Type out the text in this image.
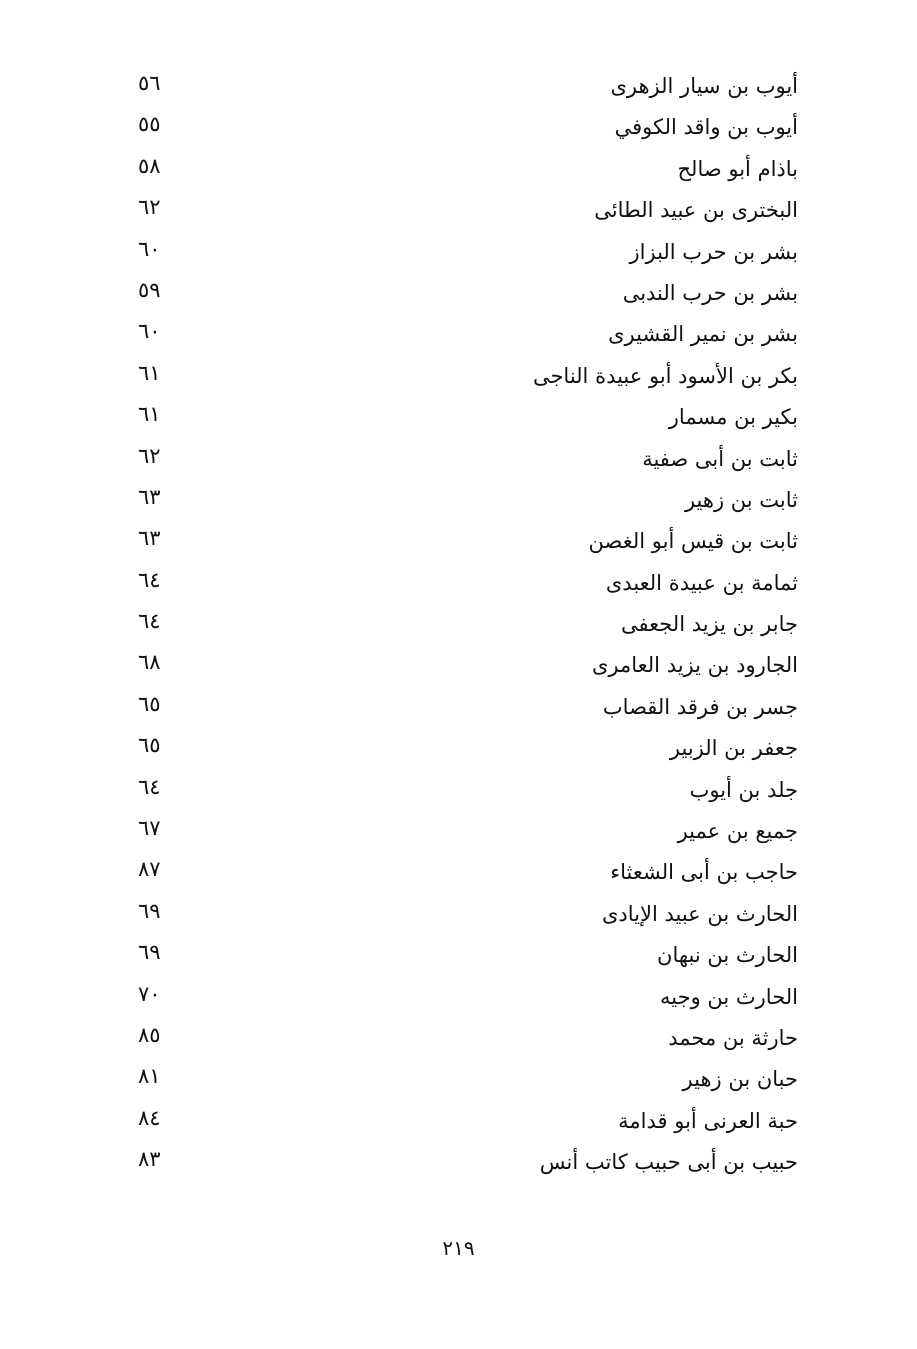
أيوب بن سيار الزهرى
٥٦
أيوب بن واقد الكوفي
٥٥
باذام أبو صالح
٥٨
البخترى بن عبيد الطائى
٦٢
بشر بن حرب البزاز
٦٠
بشر بن حرب الندبى
٥٩
بشر بن نمير القشيرى
٦٠
بكر بن الأسود أبو عبيدة الناجى
٦١
بكير بن مسمار
٦١
ثابت بن أبى صفية
٦٢
ثابت بن زهير
٦٣
ثابت بن قيس أبو الغصن
٦٣
ثمامة بن عبيدة العبدى
٦٤
جابر بن يزيد الجعفى
٦٤
الجارود بن يزيد العامرى
٦٨
جسر بن فرقد القصاب
٦٥
جعفر بن الزبير
٦٥
جلد بن أيوب
٦٤
جميع بن عمير
٦٧
حاجب بن أبى الشعثاء
٨٧
الحارث بن عبيد الإيادى
٦٩
الحارث بن نبهان
٦٩
الحارث بن وجيه
٧٠
حارثة بن محمد
٨٥
حبان بن زهير
٨١
حبة العرنى أبو قدامة
٨٤
حبيب بن أبى حبيب كاتب أنس
٨٣
٢١٩
